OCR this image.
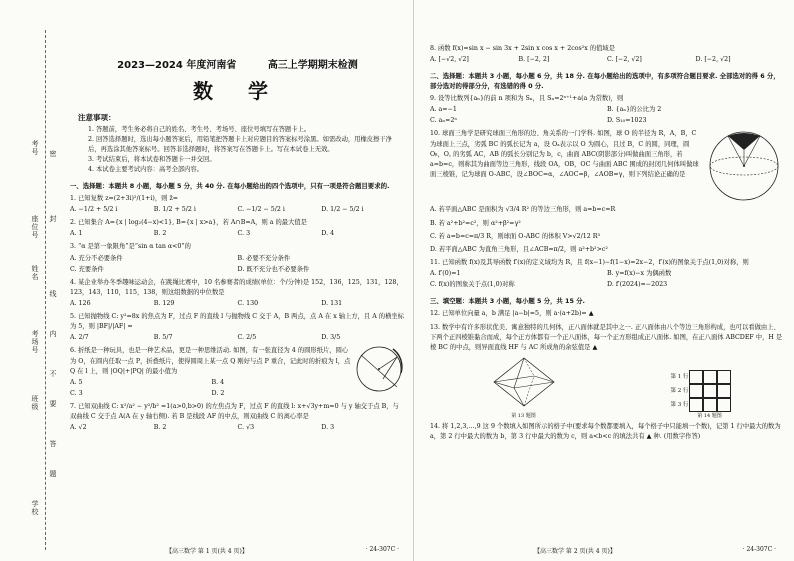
考号
座位号
姓名
考场号
班级
学校
密
封
线
内
不
要
答
题
2023—2024 年度河南省	高三上学期期末检测
数 学
注意事项：
1. 答题前，考生务必将自己的姓名、考生号、考场号、座位号填写在答题卡上。
2. 回答选择题时，选出每小题答案后，用铅笔把答题卡上对应题目的答案标号涂黑。如需改动，用橡皮擦干净后，再选涂其他答案标号。回答非选择题时，将答案写在答题卡上。写在本试卷上无效。
3. 考试结束后，将本试卷和答题卡一并交回。
4. 本试卷主要考试内容：高考全部内容。
一、选择题：本题共 8 小题，每小题 5 分，共 40 分. 在每小题给出的四个选项中，只有一项是符合题目要求的.
1. 已知复数 z=(2+3i)²/(1+i)，则 z̄=
A. −1/2 + 5/2 i	B. 1/2 + 5/2 i	C. −1/2 − 5/2 i	D. 1/2 − 5/2 i
2. 已知集合 A={x | log₂(4−x)<1}, B={x | x>a}，若 A∩B=A，则 a 的最大值是
A. 1	B. 2	C. 3	D. 4
3. “α 是第一象限角”是“sin α tan α<0”的
A. 充分不必要条件	B. 必要不充分条件
C. 充要条件	D. 既不充分也不必要条件
4. 某企业举办冬季趣味运动会，在跳绳比赛中，10 名参赛者的成绩(单位：个/分钟)是 152，136，125，131，128，123，143，110，115，138，则这组数据的中位数是
A. 126	B. 129	C. 130	D. 131
5. 已知抛物线 C: y²=8x 的焦点为 F，过点 F 的直线 l 与抛物线 C 交于 A，B 两点，点 A 在 x 轴上方，且 A 的横坐标为 5，则 |BF|/|AF| =
A. 2/7	B. 5/7	C. 2/5	D. 3/5
6. 折纸是一种玩具，也是一种艺术品，更是一种思维活动. 如图，有一张直径为 4 的圆形纸片，圆心为 O，在圆内任取一点 P，折叠纸片，使得圆周上某一点 Q 刚好与点 P 重合，记此时的折痕为 l，点 Q 在 l 上，则 |OQ|+|PQ| 的最小值为
A. 5	B. 4
C. 3	D. 2
7. 已知双曲线 C: x²/a² − y²/b² =1(a>0,b>0) 的左焦点为 F，过点 F 的直线 l: x+√3y+m=0 与 y 轴交于点 B，与双曲线 C 交于点 A(A 在 y 轴右侧). 若 B 是线段 AF 的中点，则双曲线 C 的离心率是
A. √2	B. 2	C. √3	D. 3
【高三数学 第 1 页(共 4 页)】	· 24-307C ·
8. 函数 f(x)=sin x − sin 3x + 2sin x cos x + 2cos²x 的值域是
A. [−√2, √2]	B. [−2, 2]	C. [−2, √2]	D. [−2, √2]
二、选择题：本题共 3 小题，每小题 6 分，共 18 分. 在每小题给出的选项中，有多项符合题目要求. 全部选对的得 6 分，部分选对的得部分分，有选错的得 0 分.
9. 设等比数列{aₙ}的前 n 项和为 Sₙ，且 Sₙ=2ⁿ⁺¹+a(a 为常数)，则
A. a=−1	B. {aₙ}的公比为 2
C. aₙ=2ⁿ	D. S₁₀=1023
10. 球面三角学是研究球面三角形的边、角关系的一门学科. 如图，球 O 的半径为 R，A，B，C 为球面上三点，劣弧 BC 的弧长记为 a，设 Oₐ表示以 O 为圆心，且过 B，C 的圆，同理，圆 Oᵦ，O꜀ 的劣弧 AC，AB 的弧长分别记为 b，c，曲面 ABC(阴影部分)叫做曲面三角形，若 a=b=c，则称其为曲面等边三角形，线段 OA，OB，OC 与曲面 ABC 围成的封闭几何体叫做球面三棱锥，记为球面 O-ABC，设∠BOC=α，∠AOC=β，∠AOB=γ，则下列结论正确的是
A. 若平面△ABC 是面积为 √3/4 R² 的等边三角形，则 a=b=c=R
B. 若 a²+b²=c²，则 α²+β²=γ²
C. 若 a=b=c=π/3 R，则球面 O-ABC 的体积 V>√2/12 R³
D. 若平面△ABC 为直角三角形，且∠ACB=π/2，则 a²+b²>c²
11. 已知函数 f(x)及其导函数 f′(x)的定义域均为 R，且 f(x−1)−f(1−x)=2x−2，f′(x)的图象关于点(1,0)对称，则
A. f′(0)=1	B. y=f(x)−x 为偶函数
C. f(x)的图象关于点(1,0)对称	D. f′(2024)=−2023
三、填空题：本题共 3 小题，每小题 5 分，共 15 分.
12. 已知单位向量 a，b 满足 |a−b|=5，则 a·(a+2b)= ▲
13. 数学中有许多形状优美、寓意独特的几何体，正八面体就是其中之一. 正八面体由八个等边三角形构成，也可以看做由上、下两个正四棱锥黏合而成，每个正方体都有一个正八面体，每一个正方形组成正八面体. 如图，在正八面体 ABCDEF 中，H 是棱 BC 的中点，则异面直线 HF 与 AC 所成角的余弦值是 ▲
第 13 题图
第 1 行
第 2 行
第 3 行
第 14 题图
14. 将 1,2,3,…,9 这 9 个数填入如图所示的格子中(要求每个数都要填入，每个格子中只能填一个数)，记第 1 行中最大的数为 a，第 2 行中最大的数为 b，第 3 行中最大的数为 c，则 a<b<c 的填法共有 ▲ 种. (用数字作答)
【高三数学 第 2 页(共 4 页)】	· 24-307C ·
